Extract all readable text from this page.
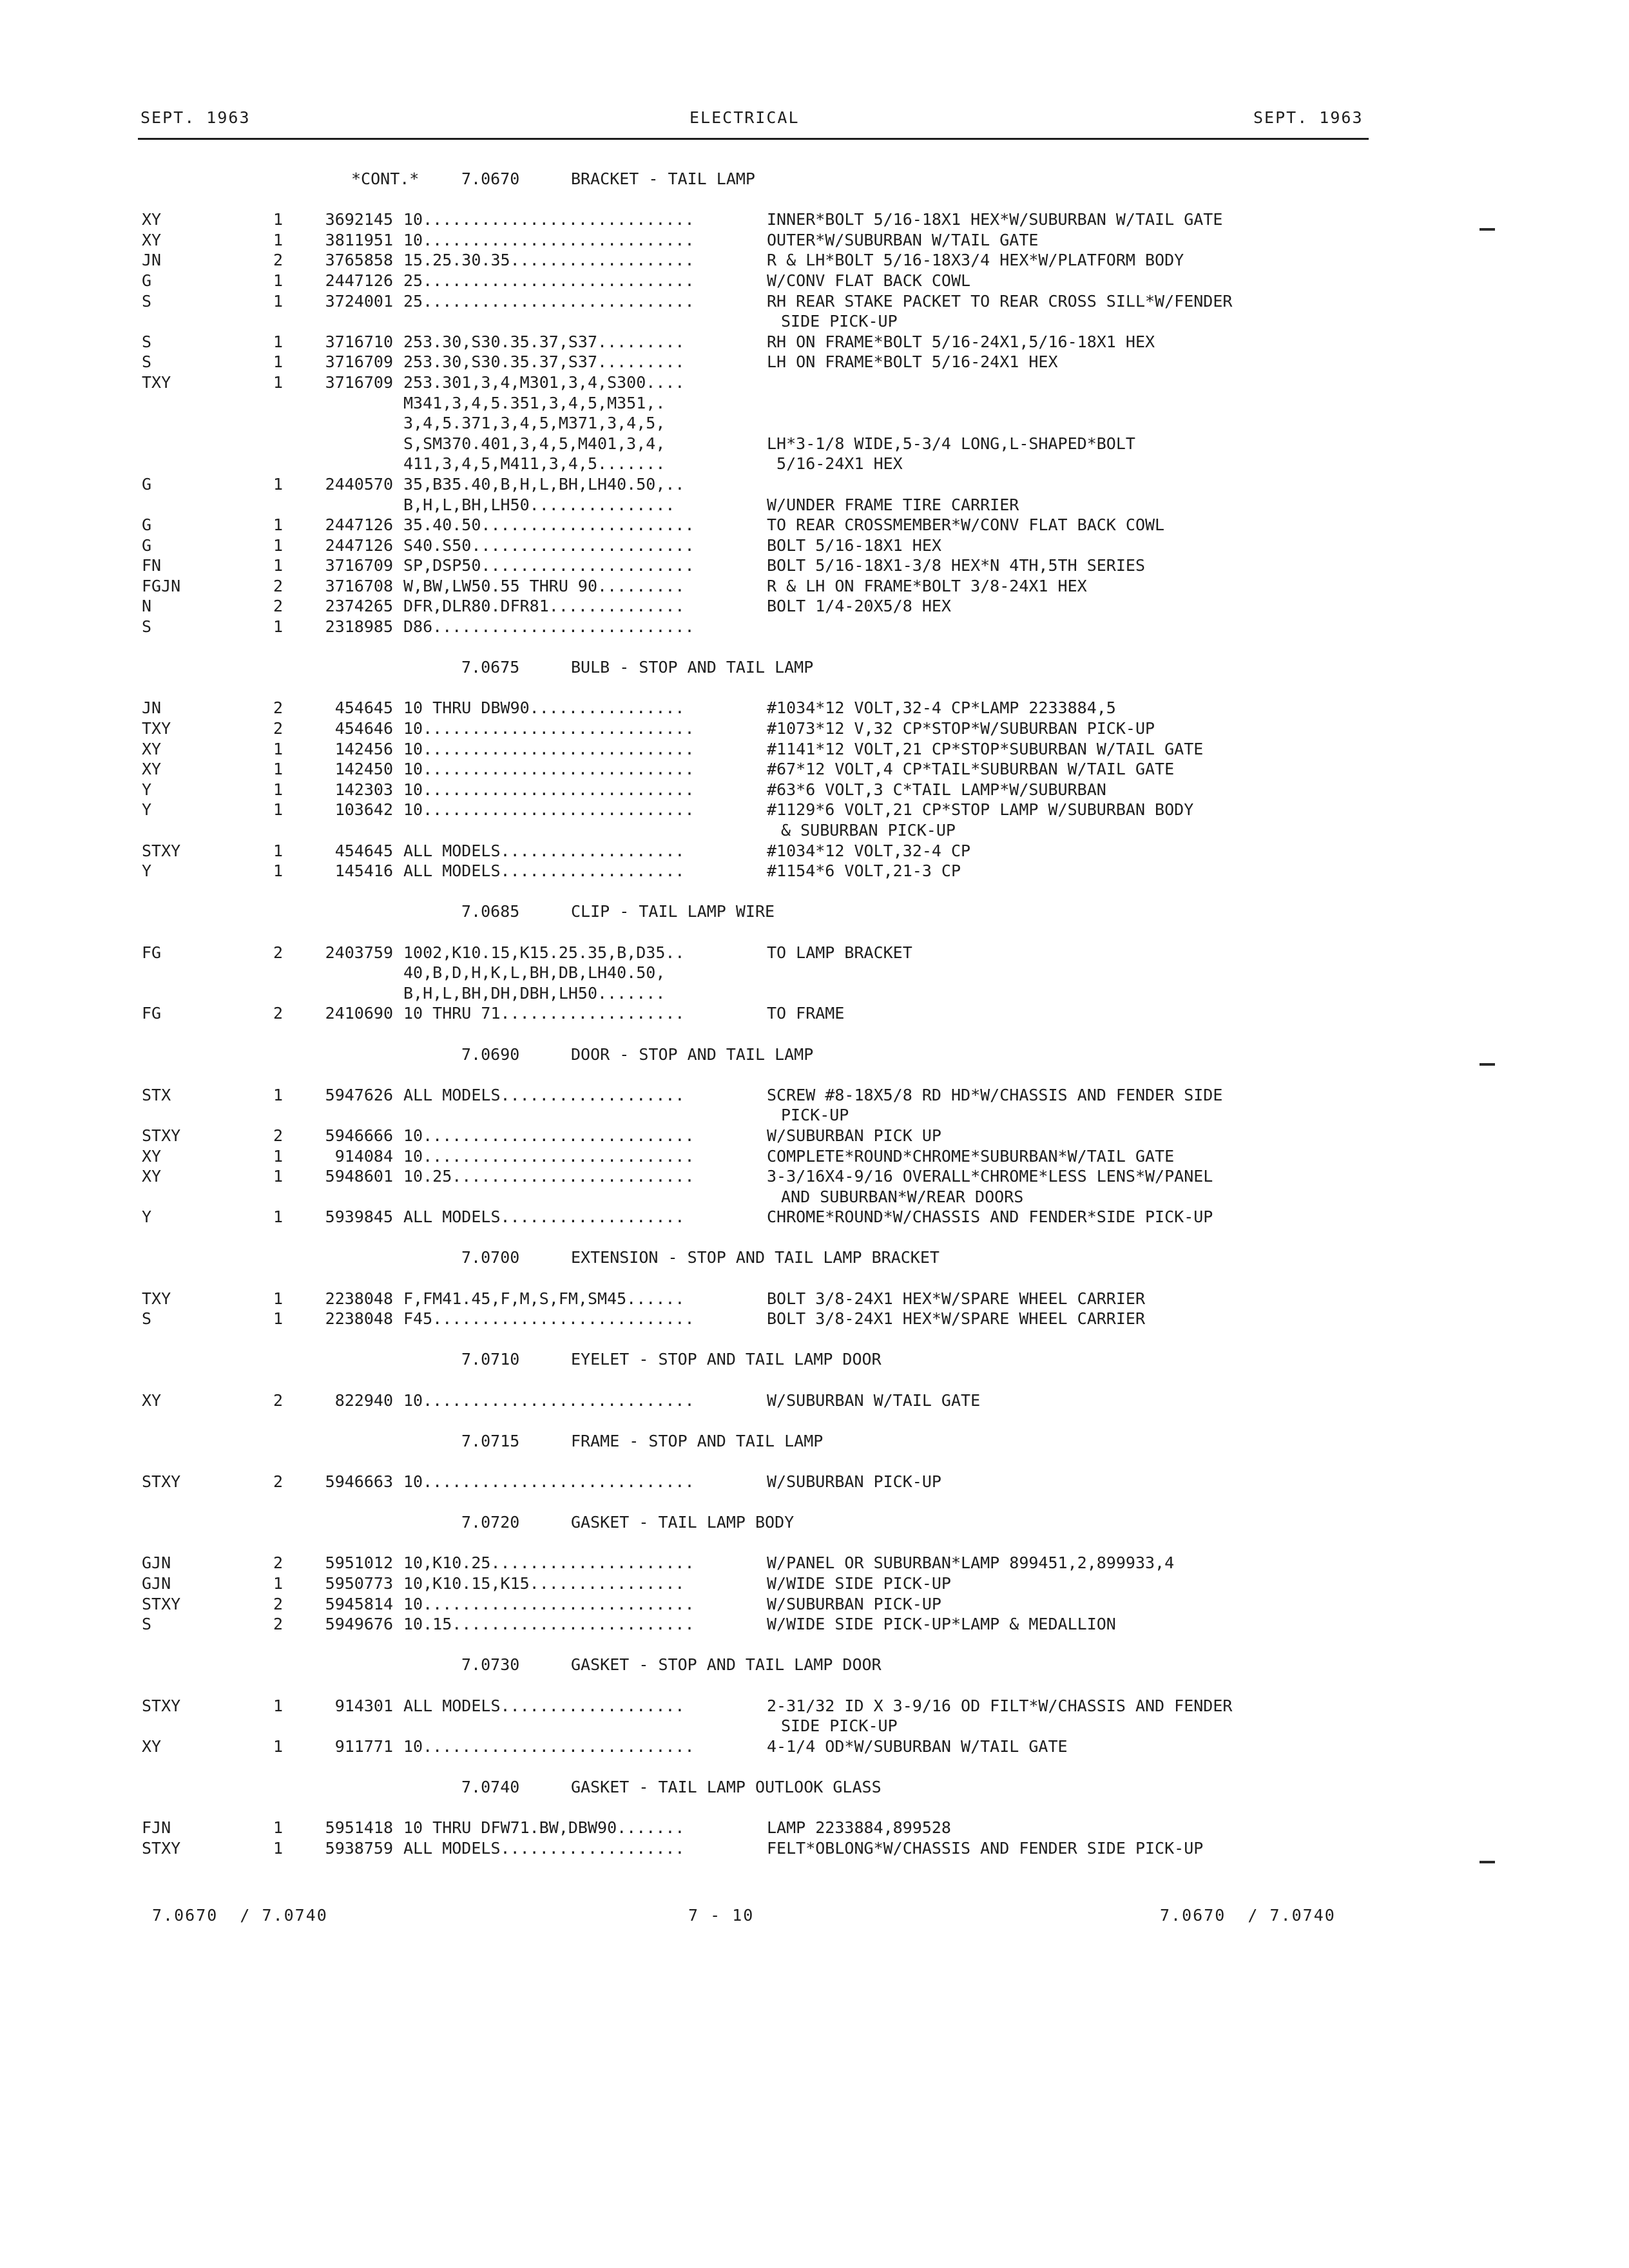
SEPT. 1963	ELECTRICAL	SEPT. 1963
*CONT.*	7.0670	BRACKET - TAIL LAMP
XY	1	3692145 10............................	INNER*BOLT 5/16-18X1 HEX*W/SUBURBAN W/TAIL GATE
XY	1	3811951 10............................	OUTER*W/SUBURBAN W/TAIL GATE
JN	2	3765858 15.25.30.35...................	R & LH*BOLT 5/16-18X3/4 HEX*W/PLATFORM BODY
G	1	2447126 25............................	W/CONV FLAT BACK COWL
S	1	3724001 25............................	RH REAR STAKE PACKET TO REAR CROSS SILL*W/FENDER
SIDE PICK-UP
S	1	3716710 253.30,S30.35.37,S37.........	RH ON FRAME*BOLT 5/16-24X1,5/16-18X1 HEX
S	1	3716709 253.30,S30.35.37,S37.........	LH ON FRAME*BOLT 5/16-24X1 HEX
TXY	1	3716709 253.301,3,4,M301,3,4,S300....
M341,3,4,5.351,3,4,5,M351,.
3,4,5.371,3,4,5,M371,3,4,5,
S,SM370.401,3,4,5,M401,3,4,	LH*3-1/8 WIDE,5-3/4 LONG,L-SHAPED*BOLT
411,3,4,5,M411,3,4,5.......	5/16-24X1 HEX
G	1	2440570 35,B35.40,B,H,L,BH,LH40.50,..
B,H,L,BH,LH50...............	W/UNDER FRAME TIRE CARRIER
G	1	2447126 35.40.50......................	TO REAR CROSSMEMBER*W/CONV FLAT BACK COWL
G	1	2447126 S40.S50.......................	BOLT 5/16-18X1 HEX
FN	1	3716709 SP,DSP50......................	BOLT 5/16-18X1-3/8 HEX*N 4TH,5TH SERIES
FGJN	2	3716708 W,BW,LW50.55 THRU 90.........	R & LH ON FRAME*BOLT 3/8-24X1 HEX
N	2	2374265 DFR,DLR80.DFR81..............	BOLT 1/4-20X5/8 HEX
S	1	2318985 D86...........................
7.0675	BULB - STOP AND TAIL LAMP
JN	2	454645 10 THRU DBW90................	#1034*12 VOLT,32-4 CP*LAMP 2233884,5
TXY	2	454646 10............................	#1073*12 V,32 CP*STOP*W/SUBURBAN PICK-UP
XY	1	142456 10............................	#1141*12 VOLT,21 CP*STOP*SUBURBAN W/TAIL GATE
XY	1	142450 10............................	#67*12 VOLT,4 CP*TAIL*SUBURBAN W/TAIL GATE
Y	1	142303 10............................	#63*6 VOLT,3 C*TAIL LAMP*W/SUBURBAN
Y	1	103642 10............................	#1129*6 VOLT,21 CP*STOP LAMP W/SUBURBAN BODY
& SUBURBAN PICK-UP
STXY	1	454645 ALL MODELS...................	#1034*12 VOLT,32-4 CP
Y	1	145416 ALL MODELS...................	#1154*6 VOLT,21-3 CP
7.0685	CLIP - TAIL LAMP WIRE
FG	2	2403759 1002,K10.15,K15.25.35,B,D35..	TO LAMP BRACKET
40,B,D,H,K,L,BH,DB,LH40.50,
B,H,L,BH,DH,DBH,LH50.......
FG	2	2410690 10 THRU 71...................	TO FRAME
7.0690	DOOR - STOP AND TAIL LAMP
STX	1	5947626 ALL MODELS...................	SCREW #8-18X5/8 RD HD*W/CHASSIS AND FENDER SIDE
PICK-UP
STXY	2	5946666 10............................	W/SUBURBAN PICK UP
XY	1	914084 10............................	COMPLETE*ROUND*CHROME*SUBURBAN*W/TAIL GATE
XY	1	5948601 10.25.........................	3-3/16X4-9/16 OVERALL*CHROME*LESS LENS*W/PANEL
AND SUBURBAN*W/REAR DOORS
Y	1	5939845 ALL MODELS...................	CHROME*ROUND*W/CHASSIS AND FENDER*SIDE PICK-UP
7.0700	EXTENSION - STOP AND TAIL LAMP BRACKET
TXY	1	2238048 F,FM41.45,F,M,S,FM,SM45......	BOLT 3/8-24X1 HEX*W/SPARE WHEEL CARRIER
S	1	2238048 F45...........................	BOLT 3/8-24X1 HEX*W/SPARE WHEEL CARRIER
7.0710	EYELET - STOP AND TAIL LAMP DOOR
XY	2	822940 10............................	W/SUBURBAN W/TAIL GATE
7.0715	FRAME - STOP AND TAIL LAMP
STXY	2	5946663 10............................	W/SUBURBAN PICK-UP
7.0720	GASKET - TAIL LAMP BODY
GJN	2	5951012 10,K10.25.....................	W/PANEL OR SUBURBAN*LAMP 899451,2,899933,4
GJN	1	5950773 10,K10.15,K15................	W/WIDE SIDE PICK-UP
STXY	2	5945814 10............................	W/SUBURBAN PICK-UP
S	2	5949676 10.15.........................	W/WIDE SIDE PICK-UP*LAMP & MEDALLION
7.0730	GASKET - STOP AND TAIL LAMP DOOR
STXY	1	914301 ALL MODELS...................	2-31/32 ID X 3-9/16 OD FILT*W/CHASSIS AND FENDER
SIDE PICK-UP
XY	1	911771 10............................	4-1/4 OD*W/SUBURBAN W/TAIL GATE
7.0740	GASKET - TAIL LAMP OUTLOOK GLASS
FJN	1	5951418 10 THRU DFW71.BW,DBW90.......	LAMP 2233884,899528
STXY	1	5938759 ALL MODELS...................	FELT*OBLONG*W/CHASSIS AND FENDER SIDE PICK-UP
7.0670  / 7.0740	7 - 10	7.0670  / 7.0740
